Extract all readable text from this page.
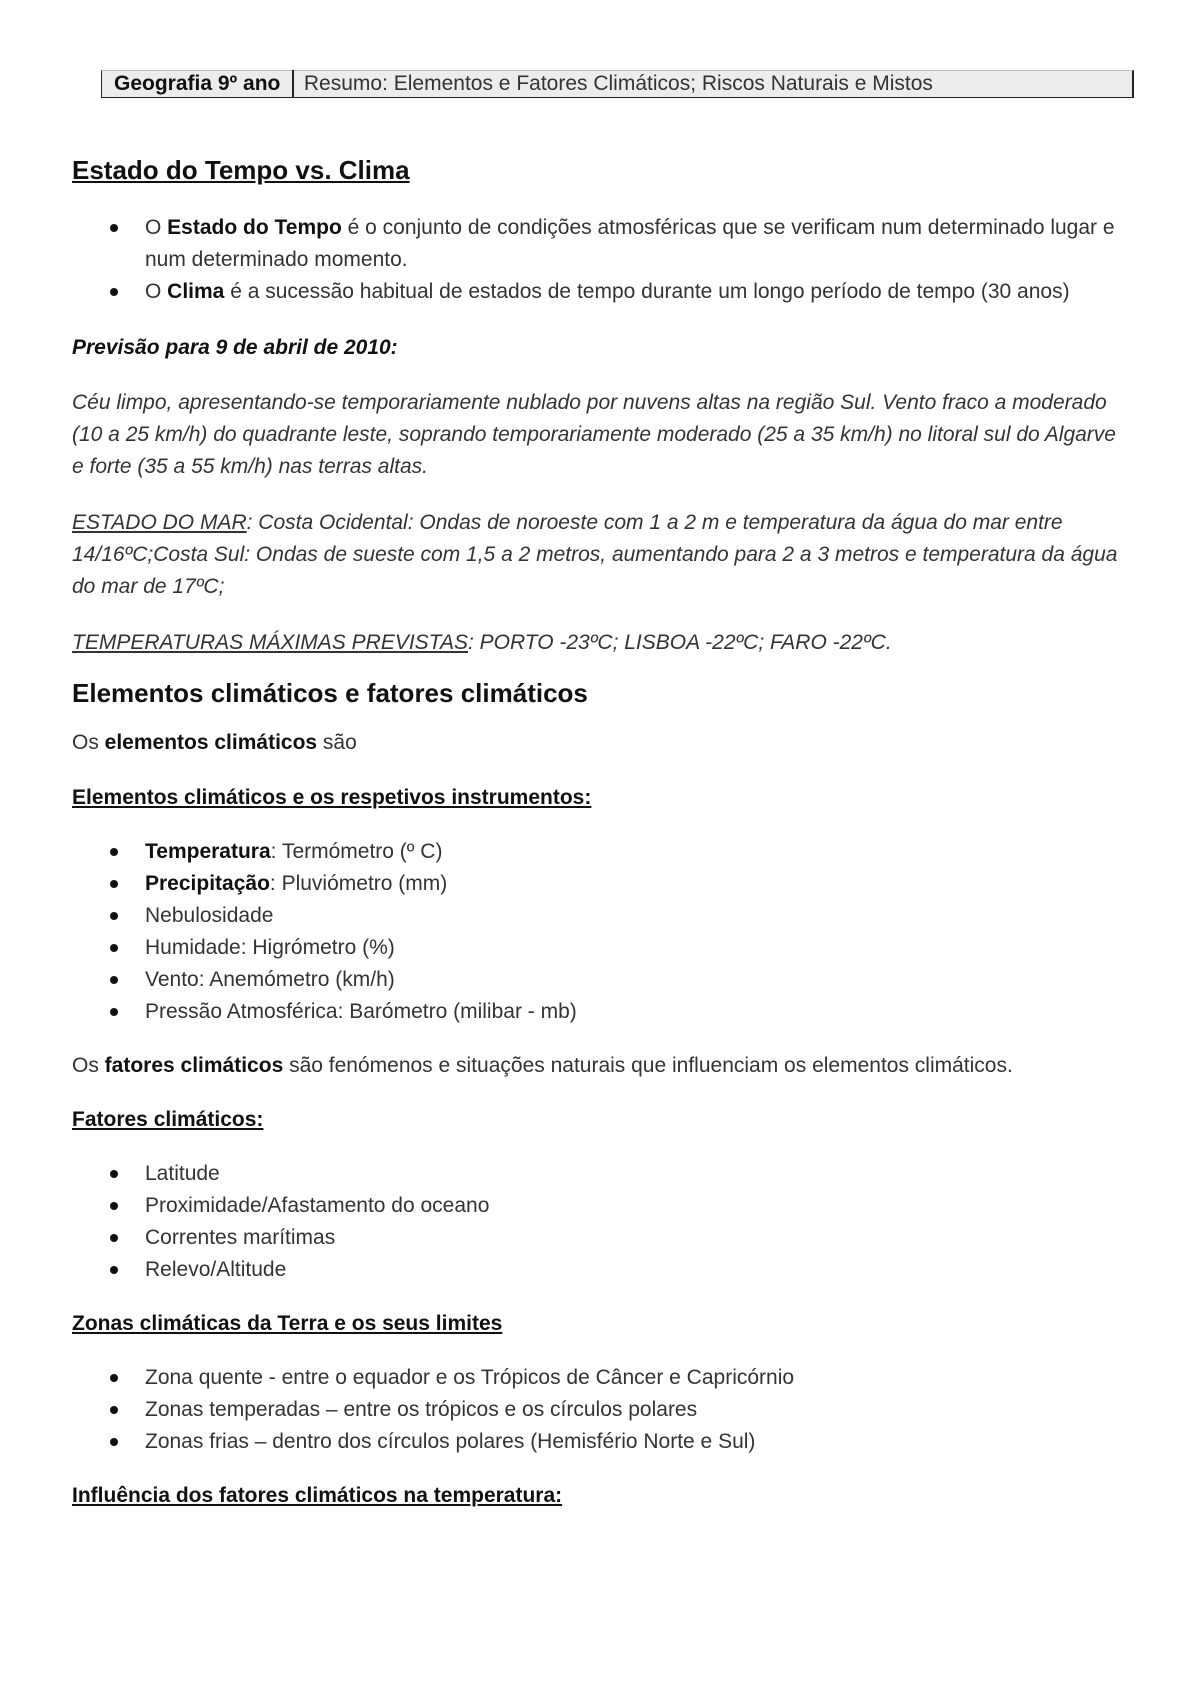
Geografia 9º ano	Resumo: Elementos e Fatores Climáticos; Riscos Naturais e Mistos
Estado do Tempo vs. Clima
O Estado do Tempo é o conjunto de condições atmosféricas que se verificam num determinado lugar e num determinado momento.
O Clima é a sucessão habitual de estados de tempo durante um longo período de tempo (30 anos)

Previsão para 9 de abril de 2010:

Céu limpo, apresentando-se temporariamente nublado por nuvens altas na região Sul. Vento fraco a moderado (10 a 25 km/h) do quadrante leste, soprando temporariamente moderado (25 a 35 km/h) no litoral sul do Algarve e forte (35 a 55 km/h) nas terras altas.

ESTADO DO MAR: Costa Ocidental: Ondas de noroeste com 1 a 2 m e temperatura da água do mar entre 14/16ºC;Costa Sul: Ondas de sueste com 1,5 a 2 metros, aumentando para 2 a 3 metros e temperatura da água do mar de 17ºC;

TEMPERATURAS MÁXIMAS PREVISTAS: PORTO -23ºC; LISBOA -22ºC; FARO -22ºC.

Elementos climáticos e fatores climáticos

Os elementos climáticos são

Elementos climáticos e os respetivos instrumentos:

Temperatura: Termómetro (º C)
Precipitação: Pluviómetro (mm)
Nebulosidade
Humidade: Higrómetro (%)
Vento: Anemómetro (km/h)
Pressão Atmosférica: Barómetro (milibar - mb)

Os fatores climáticos são fenómenos e situações naturais que influenciam os elementos climáticos.

Fatores climáticos:

Latitude
Proximidade/Afastamento do oceano
Correntes marítimas
Relevo/Altitude

Zonas climáticas da Terra e os seus limites

Zona quente - entre o equador e os Trópicos de Câncer e Capricórnio
Zonas temperadas – entre os trópicos e os círculos polares
Zonas frias – dentro dos círculos polares (Hemisfério Norte e Sul)

Influência dos fatores climáticos na temperatura:
